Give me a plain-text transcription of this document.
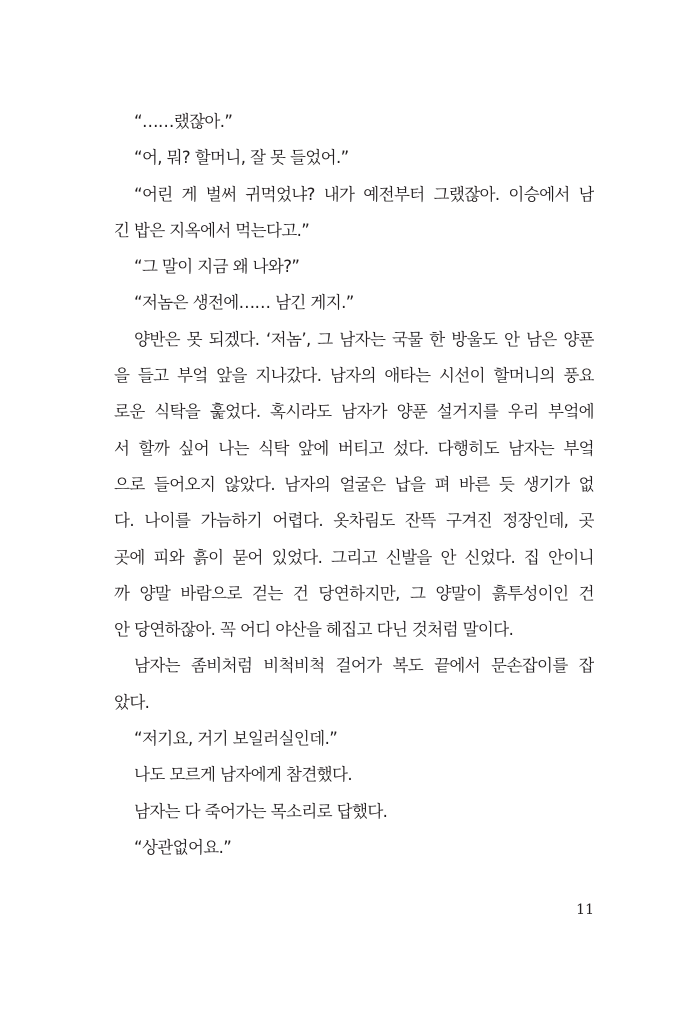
“……랬잖아.”
“어, 뭐? 할머니, 잘 못 들었어.”
“어린 게 벌써 귀먹었냐? 내가 예전부터 그랬잖아. 이승에서 남
긴 밥은 지옥에서 먹는다고.”
“그 말이 지금 왜 나와?”
“저놈은 생전에…… 남긴 게지.”
양반은 못 되겠다. ‘저놈’, 그 남자는 국물 한 방울도 안 남은 양푼
을 들고 부엌 앞을 지나갔다. 남자의 애타는 시선이 할머니의 풍요
로운 식탁을 훑었다. 혹시라도 남자가 양푼 설거지를 우리 부엌에
서 할까 싶어 나는 식탁 앞에 버티고 섰다. 다행히도 남자는 부엌
으로 들어오지 않았다. 남자의 얼굴은 납을 펴 바른 듯 생기가 없
다. 나이를 가늠하기 어렵다. 옷차림도 잔뜩 구겨진 정장인데, 곳
곳에 피와 흙이 묻어 있었다. 그리고 신발을 안 신었다. 집 안이니
까 양말 바람으로 걷는 건 당연하지만, 그 양말이 흙투성이인 건
안 당연하잖아. 꼭 어디 야산을 헤집고 다닌 것처럼 말이다.
남자는 좀비처럼 비척비척 걸어가 복도 끝에서 문손잡이를 잡
았다.
“저기요, 거기 보일러실인데.”
나도 모르게 남자에게 참견했다.
남자는 다 죽어가는 목소리로 답했다.
“상관없어요.”
11
